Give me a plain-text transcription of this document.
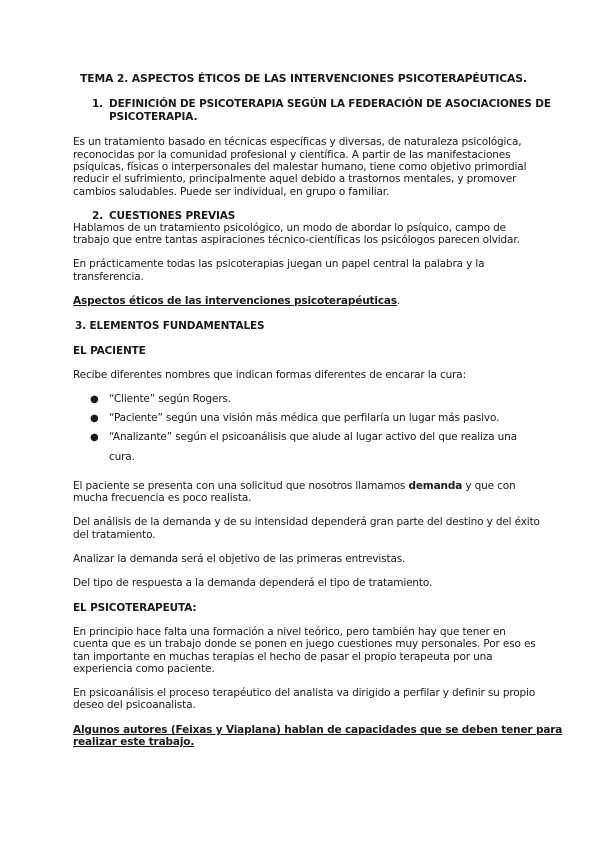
TEMA 2. ASPECTOS ÉTICOS DE LAS INTERVENCIONES PSICOTERAPÉUTICAS.
1. DEFINICIÓN DE PSICOTERAPIA SEGÚN LA FEDERACIÓN DE ASOCIACIONES DE
PSICOTERAPIA.
Es un tratamiento basado en técnicas específicas y diversas, de naturaleza psicológica,
reconocidas por la comunidad profesional y científica. A partir de las manifestaciones
psíquicas, físicas o interpersonales del malestar humano, tiene como objetivo primordial
reducir el sufrimiento, principalmente aquel debido a trastornos mentales, y promover
cambios saludables. Puede ser individual, en grupo o familiar.
2. CUESTIONES PREVIAS
Hablamos de un tratamiento psicológico, un modo de abordar lo psíquico, campo de
trabajo que entre tantas aspiraciones técnico-científicas los psicólogos parecen olvidar.
En prácticamente todas las psicoterapias juegan un papel central la palabra y la
transferencia.
Aspectos éticos de las intervenciones psicoterapéuticas.
3. ELEMENTOS FUNDAMENTALES
EL PACIENTE
Recibe diferentes nombres que indican formas diferentes de encarar la cura:
● “Cliente” según Rogers.
● “Paciente” según una visión más médica que perfilaría un lugar más pasivo.
● “Analizante” según el psicoanálisis que alude al lugar activo del que realiza una
cura.
El paciente se presenta con una solicitud que nosotros llamamos demanda y que con
mucha frecuencia es poco realista.
Del análisis de la demanda y de su intensidad dependerá gran parte del destino y del éxito
del tratamiento.
Analizar la demanda será el objetivo de las primeras entrevistas.
Del tipo de respuesta a la demanda dependerá el tipo de tratamiento.
EL PSICOTERAPEUTA:
En principio hace falta una formación a nivel teórico, pero también hay que tener en
cuenta que es un trabajo donde se ponen en juego cuestiones muy personales. Por eso es
tan importante en muchas terapias el hecho de pasar el propio terapeuta por una
experiencia como paciente.
En psicoanálisis el proceso terapéutico del analista va dirigido a perfilar y definir su propio
deseo del psicoanalista.
Algunos autores (Feixas y Viaplana) hablan de capacidades que se deben tener para
realizar este trabajo.
